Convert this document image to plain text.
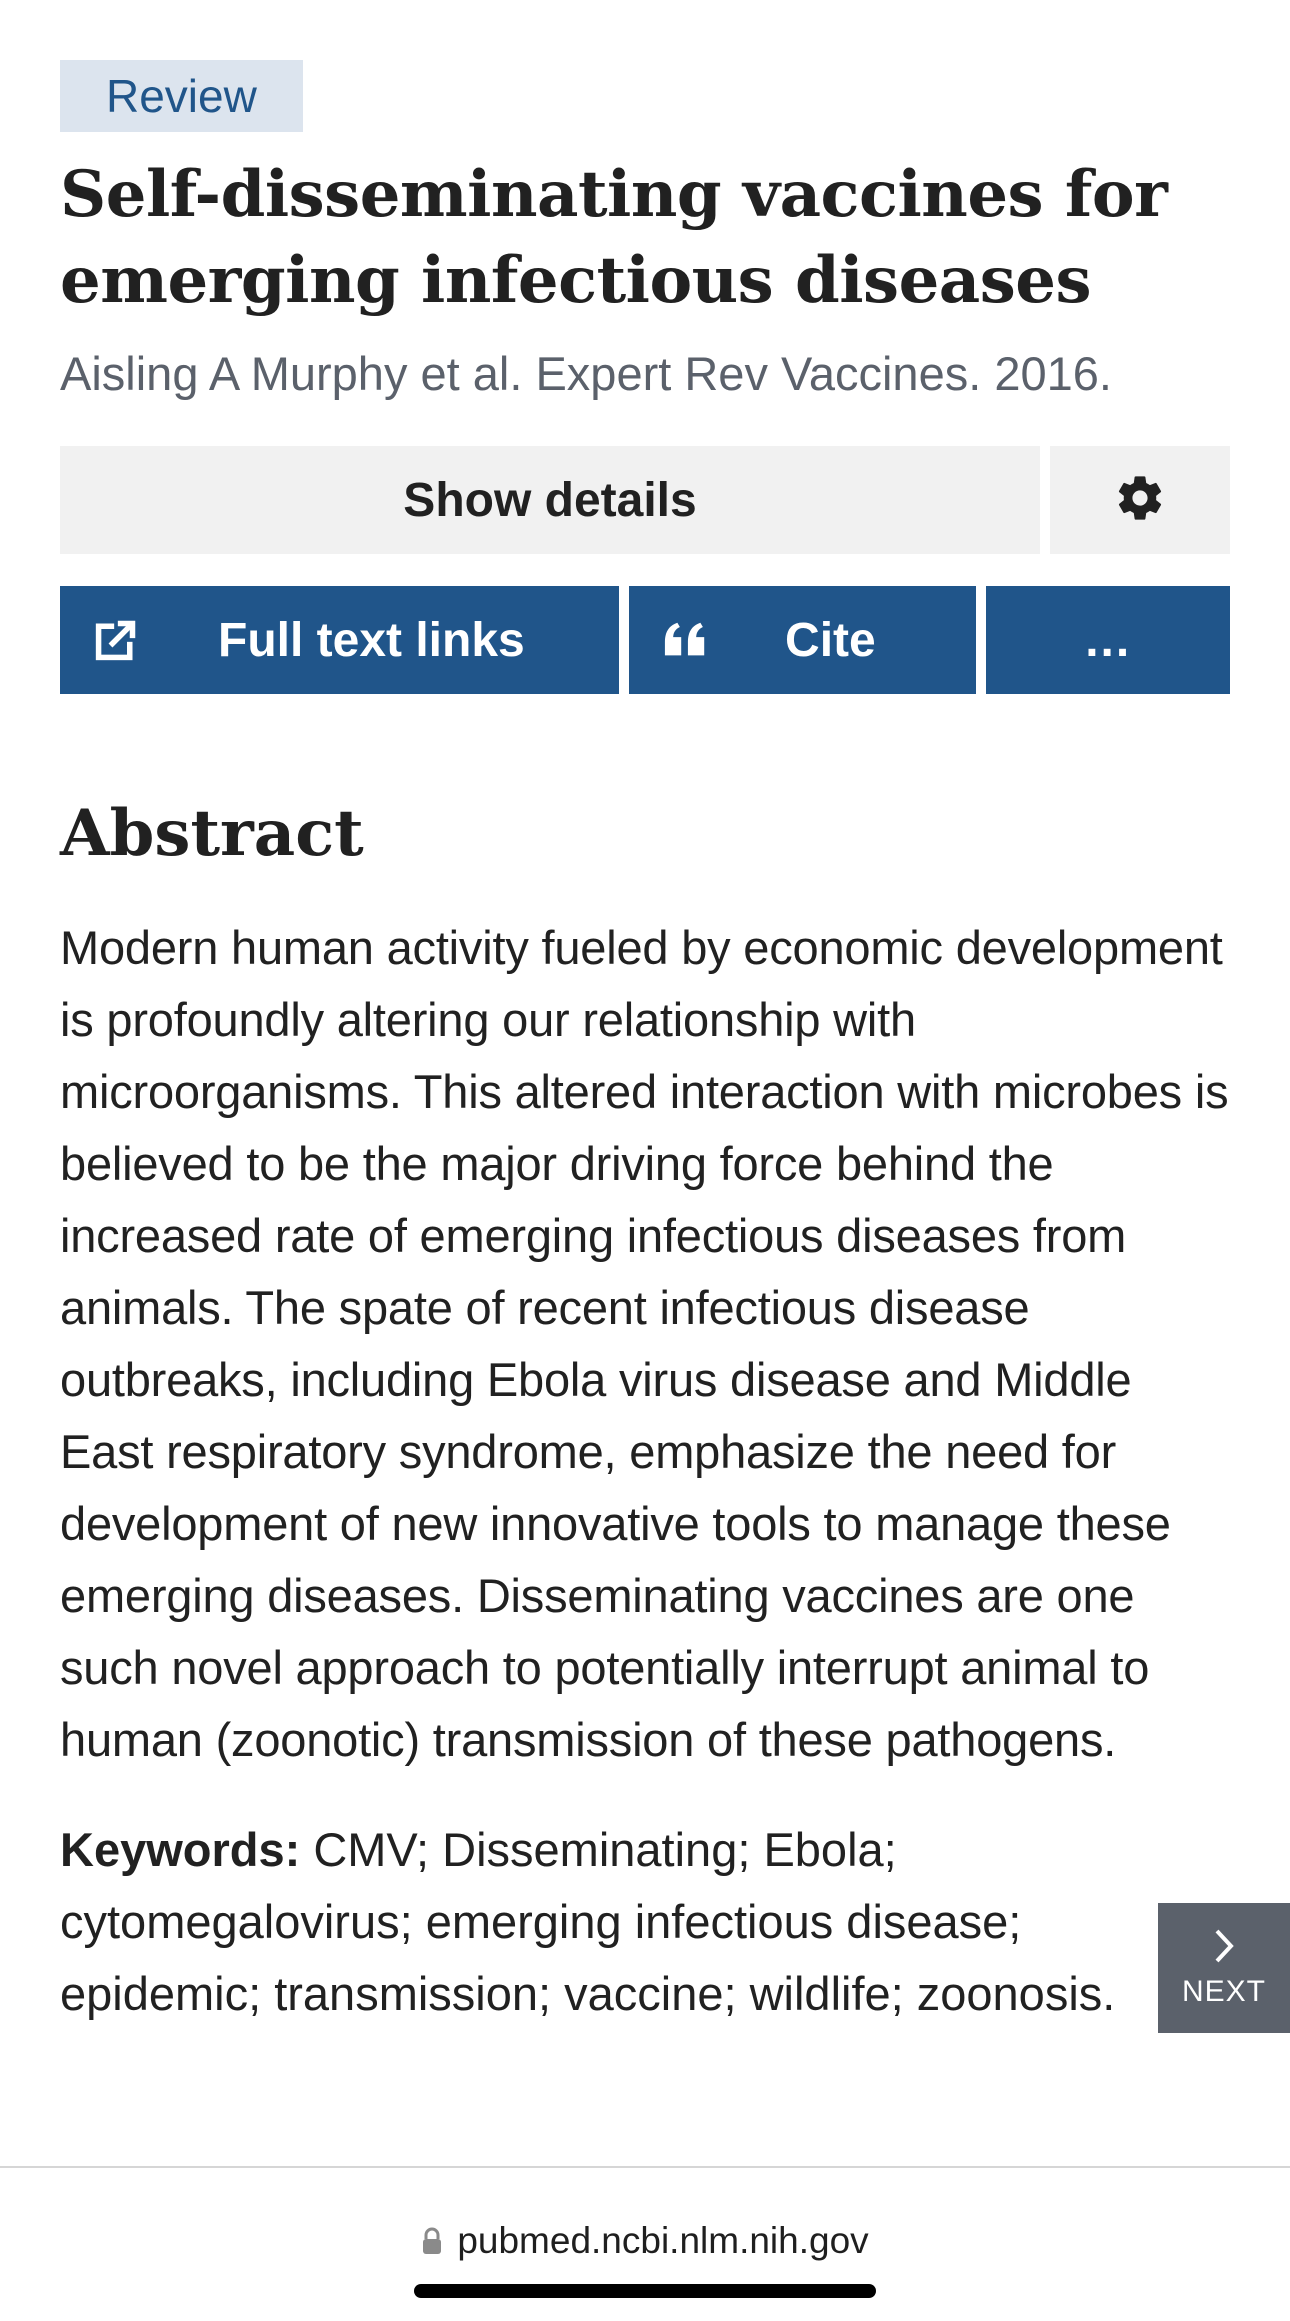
Review
Self-disseminating vaccines for emerging infectious diseases
Aisling A Murphy et al. Expert Rev Vaccines. 2016.
Show details
Full text links	Cite	...
Abstract

Modern human activity fueled by economic development is profoundly altering our relationship with microorganisms. This altered interaction with microbes is believed to be the major driving force behind the increased rate of emerging infectious diseases from animals. The spate of recent infectious disease outbreaks, including Ebola virus disease and Middle East respiratory syndrome, emphasize the need for development of new innovative tools to manage these emerging diseases. Disseminating vaccines are one such novel approach to potentially interrupt animal to human (zoonotic) transmission of these pathogens.

Keywords: CMV; Disseminating; Ebola; cytomegalovirus; emerging infectious disease; epidemic; transmission; vaccine; wildlife; zoonosis.	NEXT
pubmed.ncbi.nlm.nih.gov
